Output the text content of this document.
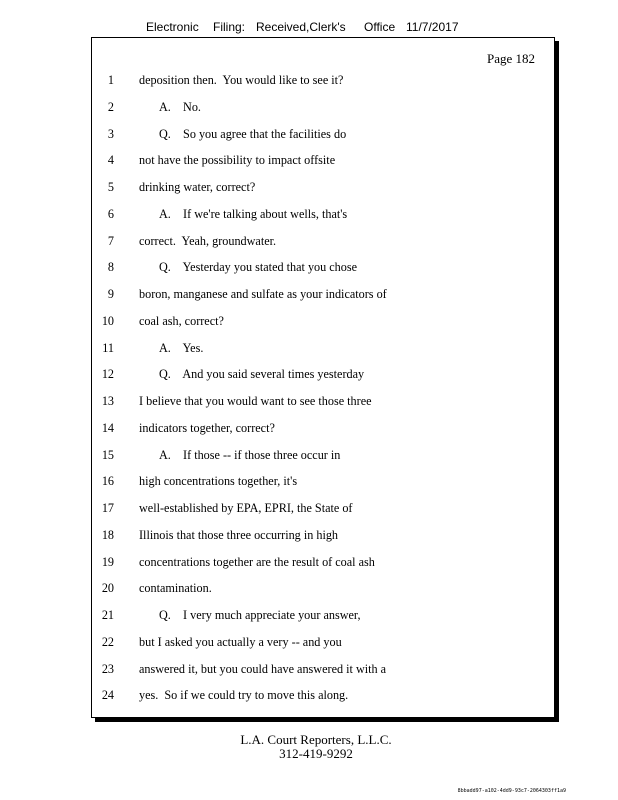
Electronic Filing: Received,Clerk's Office 11/7/2017
Page 182
1 deposition then.  You would like to see it?
2	A.    No.
3	Q.    So you agree that the facilities do
4 not have the possibility to impact offsite
5 drinking water, correct?
6	A.    If we're talking about wells, that's
7 correct.  Yeah, groundwater.
8	Q.    Yesterday you stated that you chose
9 boron, manganese and sulfate as your indicators of
10 coal ash, correct?
11	A.    Yes.
12	Q.    And you said several times yesterday
13 I believe that you would want to see those three
14 indicators together, correct?
15	A.    If those -- if those three occur in
16 high concentrations together, it's
17 well-established by EPA, EPRI, the State of
18 Illinois that those three occurring in high
19 concentrations together are the result of coal ash
20 contamination.
21	Q.    I very much appreciate your answer,
22 but I asked you actually a very -- and you
23 answered it, but you could have answered it with a
24 yes.  So if we could try to move this along.
L.A. Court Reporters, L.L.C.
312-419-9292
8bbadd97-a102-4dd9-93c7-2064303ff1a9
